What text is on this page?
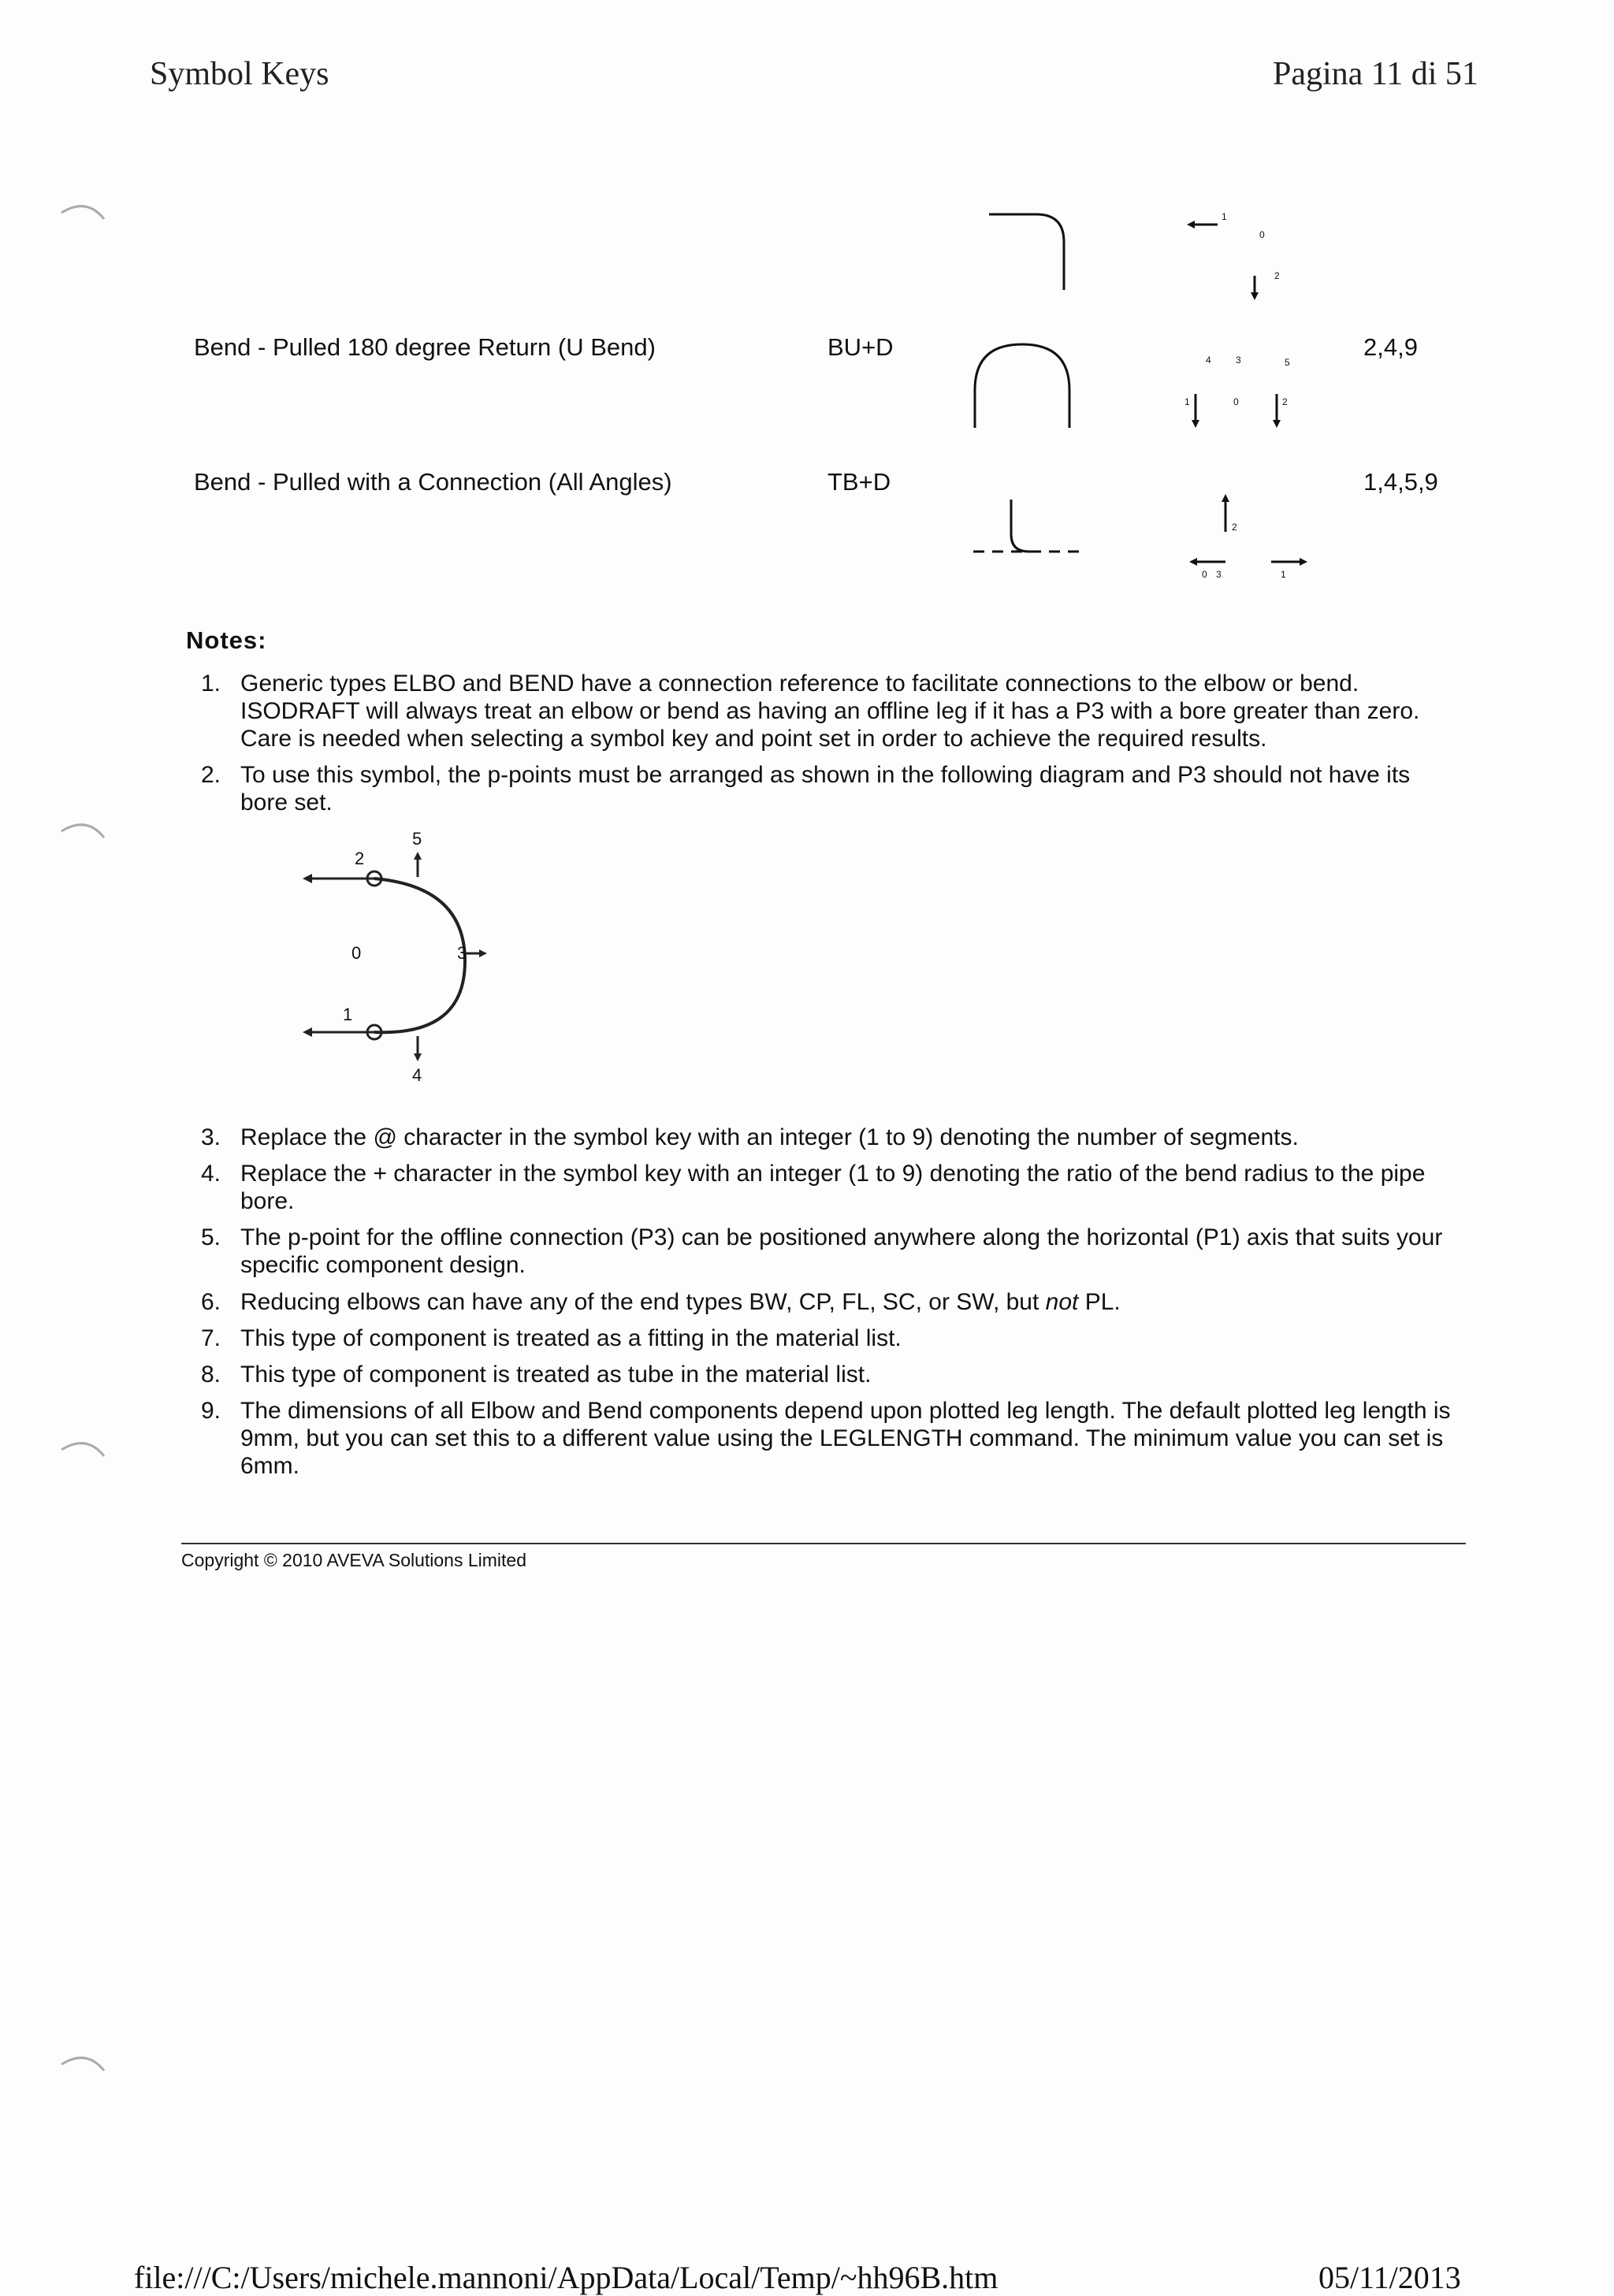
Symbol Keys	Pagina 11 di 51
Bend - Pulled 180 degree Return (U Bend)	BU+D	2,4,9
Bend - Pulled with a Connection (All Angles)	TB+D	1,4,5,9
1
0
2
4	3	5
1	0	2
2
0 3	1
Notes:
1. Generic types ELBO and BEND have a connection reference to facilitate connections to the elbow or bend. ISODRAFT will always treat an elbow or bend as having an offline leg if it has a P3 with a bore greater than zero. Care is needed when selecting a symbol key and point set in order to achieve the required results.
2. To use this symbol, the p-points must be arranged as shown in the following diagram and P3 should not have its bore set.
5
2
0	3
1
4
3. Replace the @ character in the symbol key with an integer (1 to 9) denoting the number of segments.
4. Replace the + character in the symbol key with an integer (1 to 9) denoting the ratio of the bend radius to the pipe bore.
5. The p-point for the offline connection (P3) can be positioned anywhere along the horizontal (P1) axis that suits your specific component design.
6. Reducing elbows can have any of the end types BW, CP, FL, SC, or SW, but not PL.
7. This type of component is treated as a fitting in the material list.
8. This type of component is treated as tube in the material list.
9. The dimensions of all Elbow and Bend components depend upon plotted leg length. The default plotted leg length is 9mm, but you can set this to a different value using the LEGLENGTH command. The minimum value you can set is 6mm.
Copyright © 2010 AVEVA Solutions Limited
file:///C:/Users/michele.mannoni/AppData/Local/Temp/~hh96B.htm	05/11/2013
